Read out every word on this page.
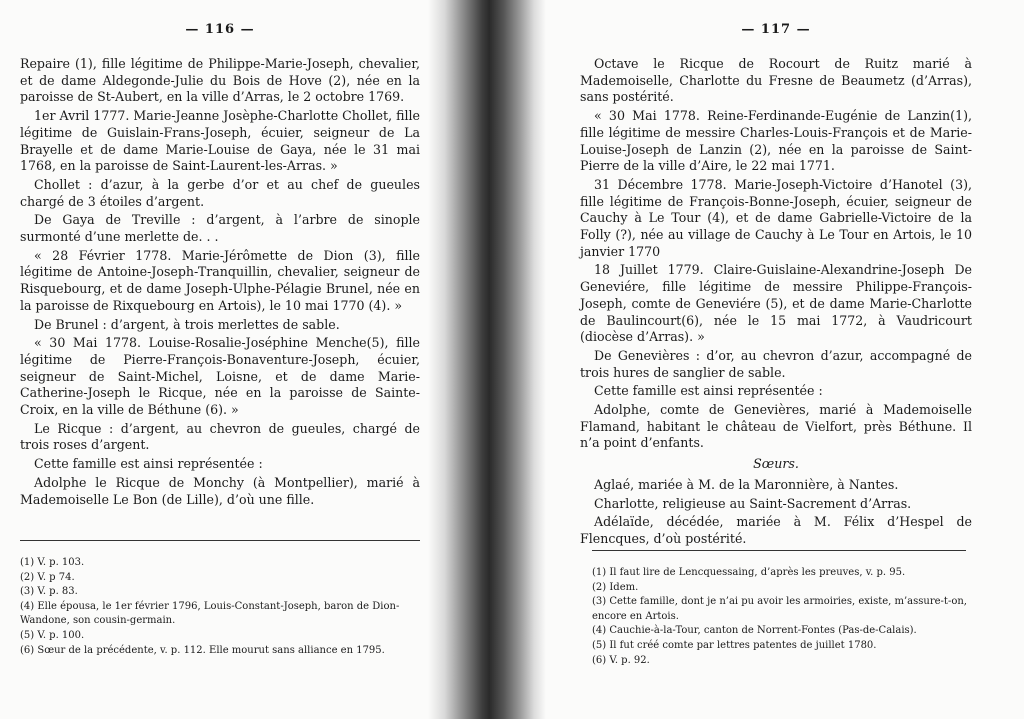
— 116 —

Repaire (1), fille légitime de Philippe-Marie-Joseph, chevalier, et de dame Aldegonde-Julie du Bois de Hove (2), née en la paroisse de St-Aubert, en la ville d’Arras, le 2 octobre 1769.

1er Avril 1777. Marie-Jeanne Josèphe-Charlotte Chollet, fille légitime de Guislain-Frans-Joseph, écuier, seigneur de La Brayelle et de dame Marie-Louise de Gaya, née le 31 mai 1768, en la paroisse de Saint-Laurent-les-Arras. »

Chollet : d’azur, à la gerbe d’or et au chef de gueules chargé de 3 étoiles d’argent.

De Gaya de Treville : d’argent, à l’arbre de sinople surmonté d’une merlette de. . .

« 28 Février 1778. Marie-Jérômette de Dion (3), fille légitime de Antoine-Joseph-Tranquillin, chevalier, seigneur de Risquebourg, et de dame Joseph-Ulphe-Pélagie Brunel, née en la paroisse de Rixquebourg en Artois), le 10 mai 1770 (4). »

De Brunel : d’argent, à trois merlettes de sable.

« 30 Mai 1778. Louise-Rosalie-Joséphine Menche(5), fille légitime de Pierre-François-Bonaventure-Joseph, écuier, seigneur de Saint-Michel, Loisne, et de dame Marie-Catherine-Joseph le Ricque, née en la paroisse de Sainte-Croix, en la ville de Béthune (6). »

Le Ricque : d’argent, au chevron de gueules, chargé de trois roses d’argent.

Cette famille est ainsi représentée :

Adolphe le Ricque de Monchy (à Montpellier), marié à Mademoiselle Le Bon (de Lille), d’où une fille.

(1) V. p. 103.
(2) V. p 74.
(3) V. p. 83.
(4) Elle épousa, le 1er février 1796, Louis-Constant-Joseph, baron de Dion-Wandone, son cousin-germain.
(5) V. p. 100.
(6) Sœur de la précédente, v. p. 112. Elle mourut sans alliance en 1795.
— 117 —

Octave le Ricque de Rocourt de Ruitz marié à Mademoiselle, Charlotte du Fresne de Beaumetz (d’Arras), sans postérité.

« 30 Mai 1778. Reine-Ferdinande-Eugénie de Lanzin(1), fille légitime de messire Charles-Louis-François et de Marie-Louise-Joseph de Lanzin (2), née en la paroisse de Saint-Pierre de la ville d’Aire, le 22 mai 1771.

31 Décembre 1778. Marie-Joseph-Victoire d’Hanotel (3), fille légitime de François-Bonne-Joseph, écuier, seigneur de Cauchy à Le Tour (4), et de dame Gabrielle-Victoire de la Folly (?), née au village de Cauchy à Le Tour en Artois, le 10 janvier 1770

18 Juillet 1779. Claire-Guislaine-Alexandrine-Joseph De Geneviére, fille légitime de messire Philippe-François-Joseph, comte de Geneviére (5), et de dame Marie-Charlotte de Baulincourt(6), née le 15 mai 1772, à Vaudricourt (diocèse d’Arras). »

De Genevières : d’or, au chevron d’azur, accompagné de trois hures de sanglier de sable.

Cette famille est ainsi représentée :

Adolphe, comte de Genevières, marié à Mademoiselle Flamand, habitant le château de Vielfort, près Béthune. Il n’a point d’enfants.

Sœurs.

Aglaé, mariée à M. de la Maronnière, à Nantes.

Charlotte, religieuse au Saint-Sacrement d’Arras.

Adélaïde, décédée, mariée à M. Félix d’Hespel de Flencques, d’où postérité.

(1) Il faut lire de Lencquessaing, d’après les preuves, v. p. 95.
(2) Idem.
(3) Cette famille, dont je n’ai pu avoir les armoiries, existe, m’assure-t-on, encore en Artois.
(4) Cauchie-à-la-Tour, canton de Norrent-Fontes (Pas-de-Calais).
(5) Il fut créé comte par lettres patentes de juillet 1780.
(6) V. p. 92.
